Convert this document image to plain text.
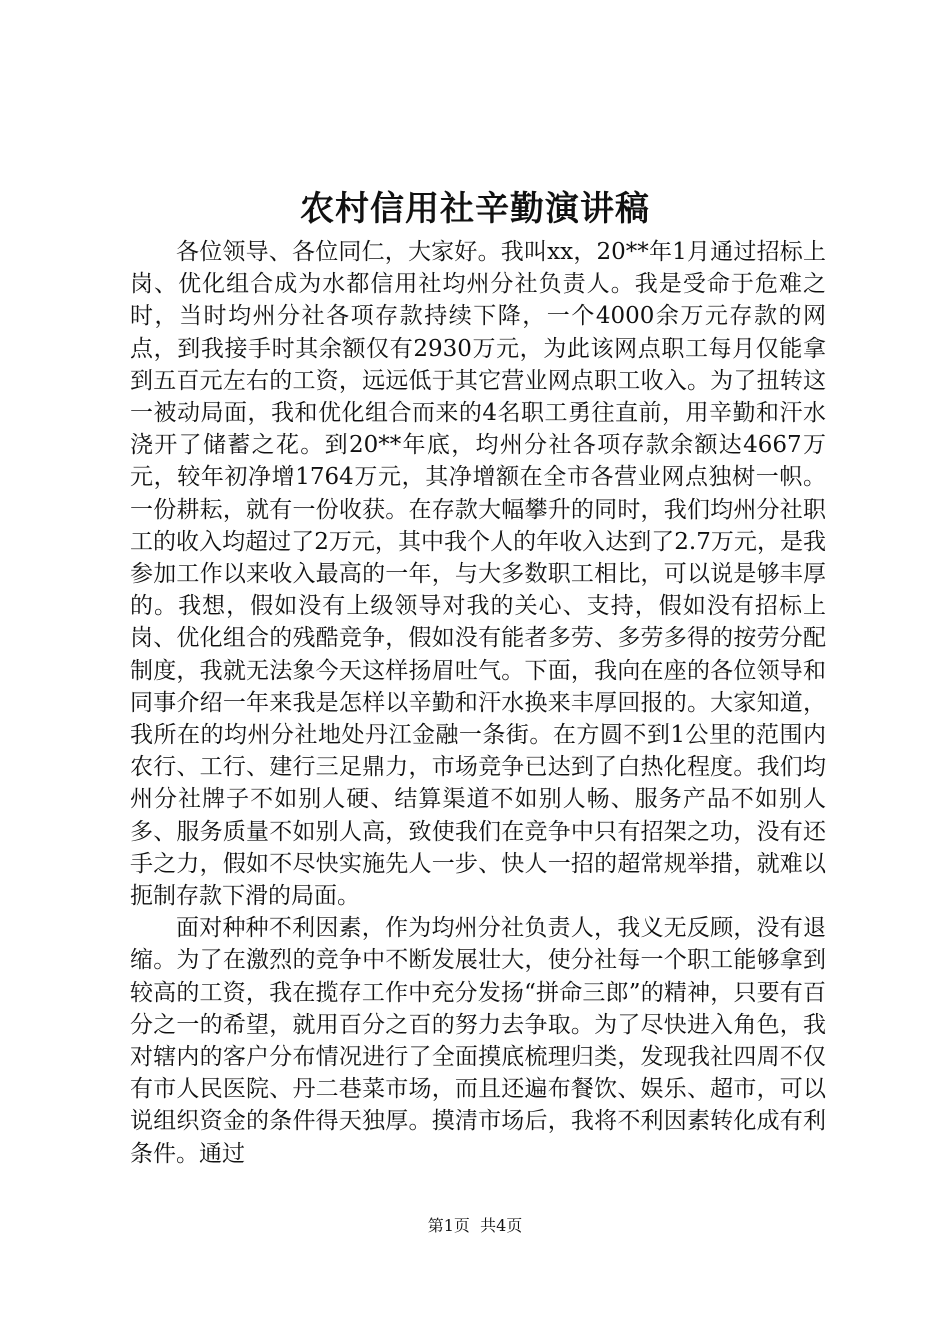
农村信用社辛勤演讲稿

各位领导、各位同仁，大家好。我叫xx，20**年1月通过招标上岗、优化组合成为水都信用社均州分社负责人。我是受命于危难之时，当时均州分社各项存款持续下降，一个4000余万元存款的网点，到我接手时其余额仅有2930万元，为此该网点职工每月仅能拿到五百元左右的工资，远远低于其它营业网点职工收入。为了扭转这一被动局面，我和优化组合而来的4名职工勇往直前，用辛勤和汗水浇开了储蓄之花。到20**年底，均州分社各项存款余额达4667万元，较年初净增1764万元，其净增额在全市各营业网点独树一帜。一份耕耘，就有一份收获。在存款大幅攀升的同时，我们均州分社职工的收入均超过了2万元，其中我个人的年收入达到了2.7万元，是我参加工作以来收入最高的一年，与大多数职工相比，可以说是够丰厚的。我想，假如没有上级领导对我的关心、支持，假如没有招标上岗、优化组合的残酷竞争，假如没有能者多劳、多劳多得的按劳分配制度，我就无法象今天这样扬眉吐气。下面，我向在座的各位领导和同事介绍一年来我是怎样以辛勤和汗水换来丰厚回报的。大家知道，我所在的均州分社地处丹江金融一条街。在方圆不到1公里的范围内农行、工行、建行三足鼎力，市场竞争已达到了白热化程度。我们均州分社牌子不如别人硬、结算渠道不如别人畅、服务产品不如别人多、服务质量不如别人高，致使我们在竞争中只有招架之功，没有还手之力，假如不尽快实施先人一步、快人一招的超常规举措，就难以扼制存款下滑的局面。

面对种种不利因素，作为均州分社负责人，我义无反顾，没有退缩。为了在激烈的竞争中不断发展壮大，使分社每一个职工能够拿到较高的工资，我在揽存工作中充分发扬“拼命三郎”的精神，只要有百分之一的希望，就用百分之百的努力去争取。为了尽快进入角色，我对辖内的客户分布情况进行了全面摸底梳理归类，发现我社四周不仅有市人民医院、丹二巷菜市场，而且还遍布餐饮、娱乐、超市，可以说组织资金的条件得天独厚。摸清市场后，我将不利因素转化成有利条件。通过

第1页 共4页
